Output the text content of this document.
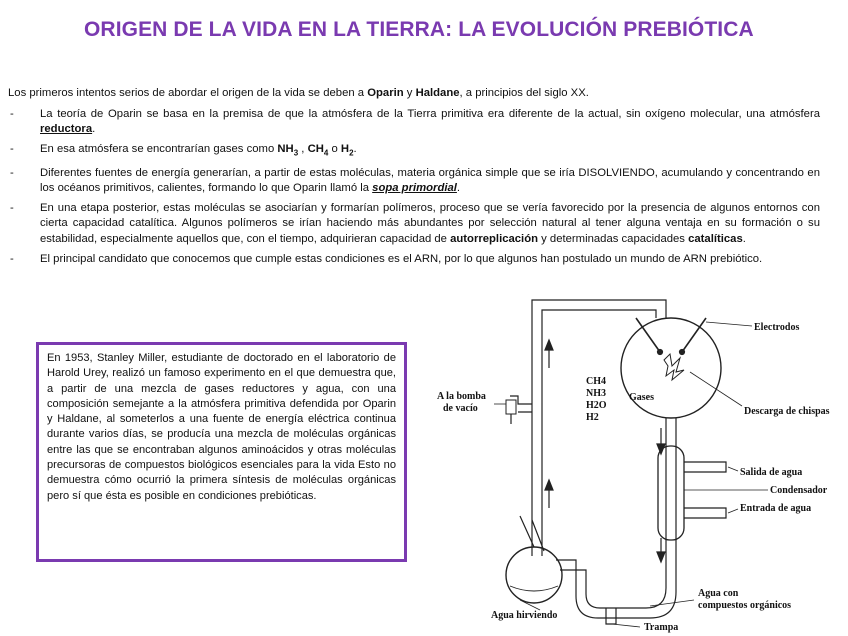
ORIGEN DE LA VIDA EN LA TIERRA: LA EVOLUCIÓN PREBIÓTICA
Los primeros intentos serios de abordar el origen de la vida se deben a Oparin y Haldane, a principios del siglo XX.
- La teoría de Oparin se basa en la premisa de que la atmósfera de la Tierra primitiva era diferente de la actual, sin oxígeno molecular, una atmósfera reductora.
- En esa atmósfera se encontrarían gases como $NH_3$ , $CH_4$ o $H_2$.
- Diferentes fuentes de energía generarían, a partir de estas moléculas, materia orgánica simple que se iría DISOLVIENDO, acumulando y concentrando en los océanos primitivos, calientes, formando lo que Oparin llamó la sopa primordial.
- En una etapa posterior, estas moléculas se asociarían y formarían polímeros, proceso que se vería favorecido por la presencia de algunos entornos con cierta capacidad catalítica. Algunos polímeros se irían haciendo más abundantes por selección natural al tener alguna ventaja en su formación o su estabilidad, especialmente aquellos que, con el tiempo, adquirieran capacidad de autorreplicación y determinadas capacidades catalíticas.
- El principal candidato que conocemos que cumple estas condiciones es el ARN, por lo que algunos han postulado un mundo de ARN prebiótico.
En 1953, Stanley Miller, estudiante de doctorado en el laboratorio de Harold Urey, realizó un famoso experimento en el que demuestra que, a partir de una mezcla de gases reductores y agua, con una composición semejante a la atmósfera primitiva defendida por Oparin y Haldane, al someterlos a una fuente de energía eléctrica continua durante varios días, se producía una mezcla de moléculas orgánicas entre las que se encontraban algunos aminoácidos y otras moléculas precursoras de compuestos biológicos esenciales para la vida Esto no demuestra cómo ocurrió la primera síntesis de moléculas orgánicas pero sí que ésta es posible en condiciones prebióticas.
Electrodos
CH4
NH3
H2O
H2
Gases
Descarga de chispas
A la bomba
de vacío
Salida de agua
Condensador
Entrada de agua
Agua con
compuestos orgánicos
Agua hirviendo
Trampa
